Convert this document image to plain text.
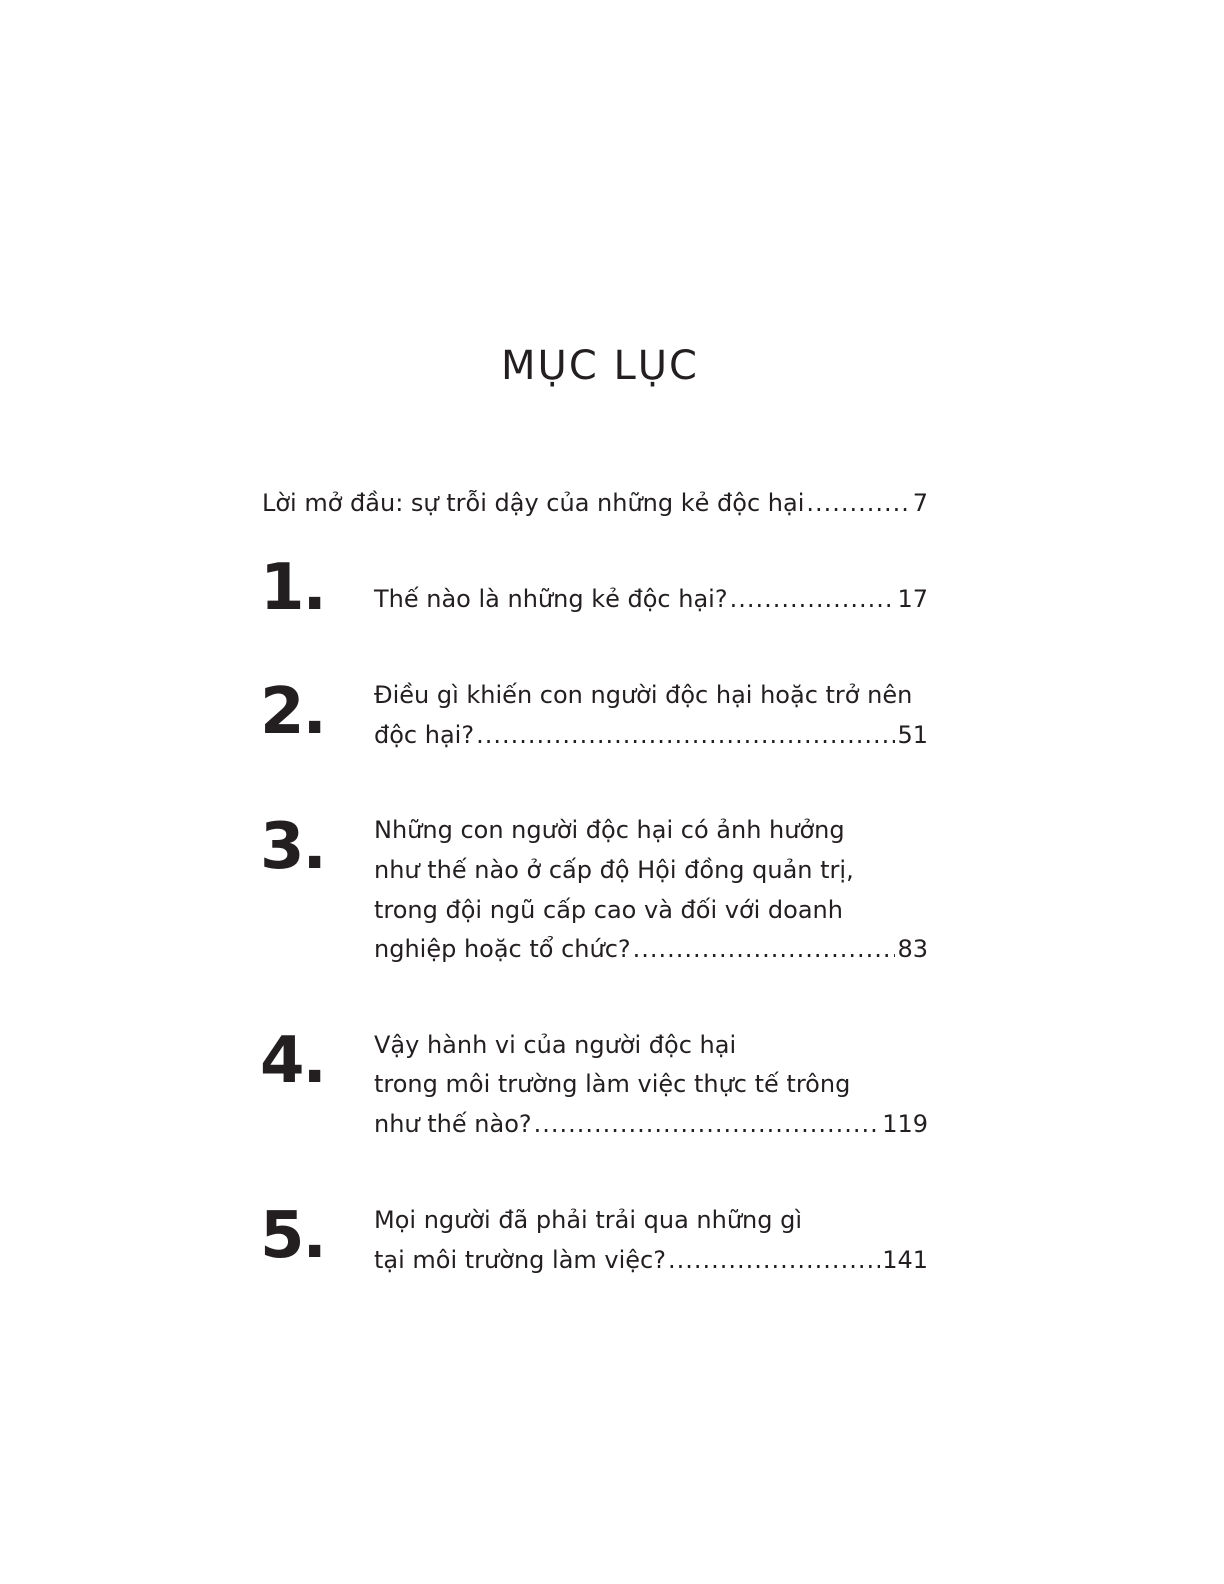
MỤC LỤC
Lời mở đầu: sự trỗi dậy của những kẻ độc hại .....	7
1. Thế nào là những kẻ độc hại? .....	17
2. Điều gì khiến con người độc hại hoặc trở nên
độc hại? .....	51
3. Những con người độc hại có ảnh hưởng
như thế nào ở cấp độ Hội đồng quản trị,
trong đội ngũ cấp cao và đối với doanh
nghiệp hoặc tổ chức? .....	83
4. Vậy hành vi của người độc hại
trong môi trường làm việc thực tế trông
như thế nào? .....	119
5. Mọi người đã phải trải qua những gì
tại môi trường làm việc? .....	141
